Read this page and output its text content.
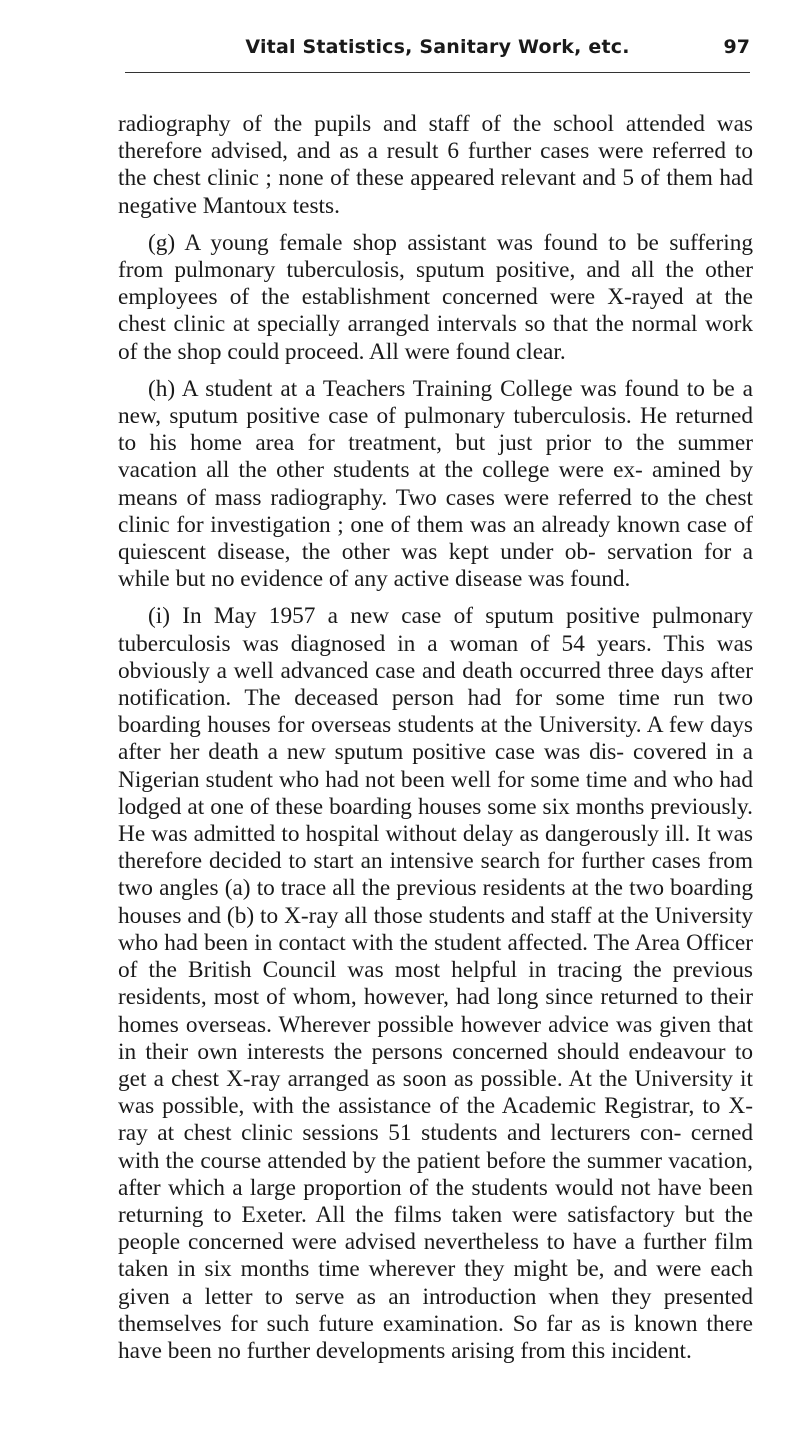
Vital Statistics, Sanitary Work, etc.	97

radiography of the pupils and staff of the school attended was therefore advised, and as a result 6 further cases were referred to the chest clinic ; none of these appeared relevant and 5 of them had negative Mantoux tests.

(g) A young female shop assistant was found to be suffering from pulmonary tuberculosis, sputum positive, and all the other employees of the establishment concerned were X-rayed at the chest clinic at specially arranged intervals so that the normal work of the shop could proceed. All were found clear.

(h) A student at a Teachers Training College was found to be a new, sputum positive case of pulmonary tuberculosis. He returned to his home area for treatment, but just prior to the summer vacation all the other students at the college were ex- amined by means of mass radiography. Two cases were referred to the chest clinic for investigation ; one of them was an already known case of quiescent disease, the other was kept under ob- servation for a while but no evidence of any active disease was found.

(i) In May 1957 a new case of sputum positive pulmonary tuberculosis was diagnosed in a woman of 54 years. This was obviously a well advanced case and death occurred three days after notification. The deceased person had for some time run two boarding houses for overseas students at the University. A few days after her death a new sputum positive case was dis- covered in a Nigerian student who had not been well for some time and who had lodged at one of these boarding houses some six months previously. He was admitted to hospital without delay as dangerously ill. It was therefore decided to start an intensive search for further cases from two angles (a) to trace all the previous residents at the two boarding houses and (b) to X-ray all those students and staff at the University who had been in contact with the student affected. The Area Officer of the British Council was most helpful in tracing the previous residents, most of whom, however, had long since returned to their homes overseas. Wherever possible however advice was given that in their own interests the persons concerned should endeavour to get a chest X-ray arranged as soon as possible. At the University it was possible, with the assistance of the Academic Registrar, to X-ray at chest clinic sessions 51 students and lecturers con- cerned with the course attended by the patient before the summer vacation, after which a large proportion of the students would not have been returning to Exeter. All the films taken were satisfactory but the people concerned were advised nevertheless to have a further film taken in six months time wherever they might be, and were each given a letter to serve as an introduction when they presented themselves for such future examination. So far as is known there have been no further developments arising from this incident.
